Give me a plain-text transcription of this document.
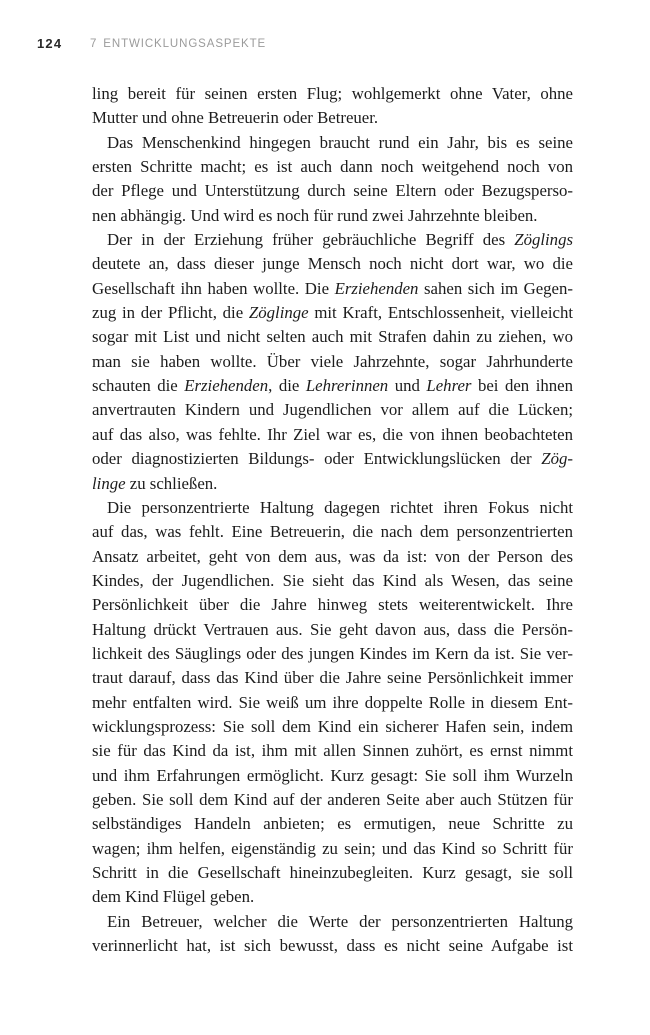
124 7 ENTWICKLUNGSASPEKTE
ling bereit für seinen ersten Flug; wohlgemerkt ohne Vater, ohne
Mutter und ohne Betreuerin oder Betreuer.
Das Menschenkind hingegen braucht rund ein Jahr, bis es seine
ersten Schritte macht; es ist auch dann noch weitgehend noch von
der Pflege und Unterstützung durch seine Eltern oder Bezugsperso-
nen abhängig. Und wird es noch für rund zwei Jahrzehnte bleiben.
Der in der Erziehung früher gebräuchliche Begriff des Zöglings
deutete an, dass dieser junge Mensch noch nicht dort war, wo die
Gesellschaft ihn haben wollte. Die Erziehenden sahen sich im Gegen-
zug in der Pflicht, die Zöglinge mit Kraft, Entschlossenheit, vielleicht
sogar mit List und nicht selten auch mit Strafen dahin zu ziehen, wo
man sie haben wollte. Über viele Jahrzehnte, sogar Jahrhunderte
schauten die Erziehenden, die Lehrerinnen und Lehrer bei den ihnen
anvertrauten Kindern und Jugendlichen vor allem auf die Lücken;
auf das also, was fehlte. Ihr Ziel war es, die von ihnen beobachteten
oder diagnostizierten Bildungs- oder Entwicklungslücken der Zög-
linge zu schließen.
Die personzentrierte Haltung dagegen richtet ihren Fokus nicht
auf das, was fehlt. Eine Betreuerin, die nach dem personzentrierten
Ansatz arbeitet, geht von dem aus, was da ist: von der Person des
Kindes, der Jugendlichen. Sie sieht das Kind als Wesen, das seine
Persönlichkeit über die Jahre hinweg stets weiterentwickelt. Ihre
Haltung drückt Vertrauen aus. Sie geht davon aus, dass die Persön-
lichkeit des Säuglings oder des jungen Kindes im Kern da ist. Sie ver-
traut darauf, dass das Kind über die Jahre seine Persönlichkeit immer
mehr entfalten wird. Sie weiß um ihre doppelte Rolle in diesem Ent-
wicklungsprozess: Sie soll dem Kind ein sicherer Hafen sein, indem
sie für das Kind da ist, ihm mit allen Sinnen zuhört, es ernst nimmt
und ihm Erfahrungen ermöglicht. Kurz gesagt: Sie soll ihm Wurzeln
geben. Sie soll dem Kind auf der anderen Seite aber auch Stützen für
selbständiges Handeln anbieten; es ermutigen, neue Schritte zu
wagen; ihm helfen, eigenständig zu sein; und das Kind so Schritt für
Schritt in die Gesellschaft hineinzubegleiten. Kurz gesagt, sie soll
dem Kind Flügel geben.
Ein Betreuer, welcher die Werte der personzentrierten Haltung
verinnerlicht hat, ist sich bewusst, dass es nicht seine Aufgabe ist
